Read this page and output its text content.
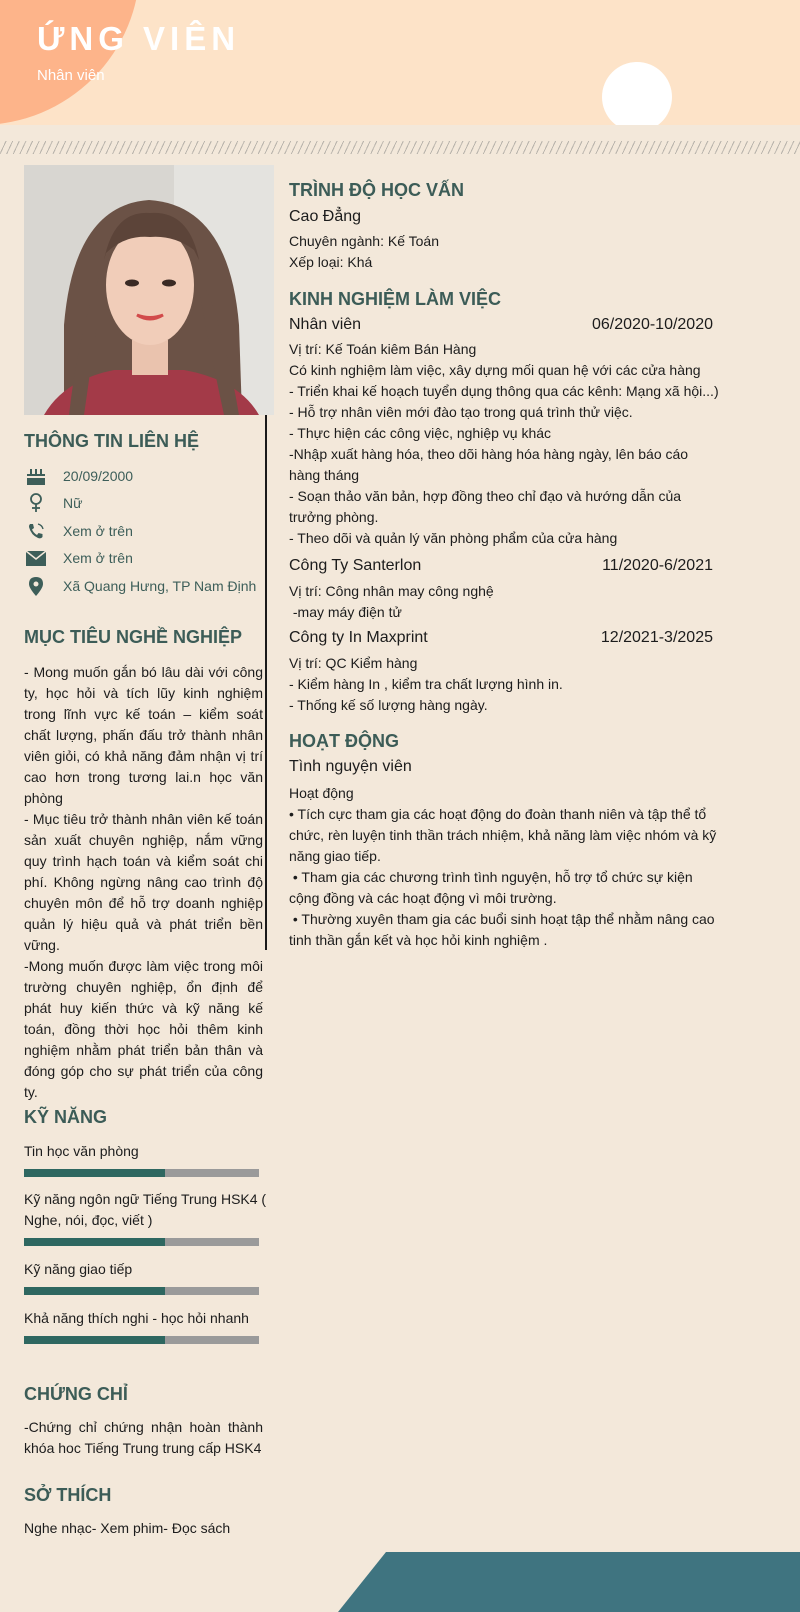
ỨNG VIÊN
Nhân viên
THÔNG TIN LIÊN HỆ
20/09/2000
Nữ
Xem ở trên
Xem ở trên
Xã Quang Hưng, TP Nam Định
MỤC TIÊU NGHỀ NGHIỆP

- Mong muốn gắn bó lâu dài với công ty, học hỏi và tích lũy kinh nghiệm trong lĩnh vực kế toán – kiểm soát chất lượng, phấn đấu trở thành nhân viên giỏi, có khả năng đảm nhận vị trí cao hơn trong tương lai.n học văn phòng
- Mục tiêu trở thành nhân viên kế toán sản xuất chuyên nghiệp, nắm vững quy trình hạch toán và kiểm soát chi phí. Không ngừng nâng cao trình độ chuyên môn để hỗ trợ doanh nghiệp quản lý hiệu quả và phát triển bền vững.
-Mong muốn được làm việc trong môi trường chuyên nghiệp, ổn định để phát huy kiến thức và kỹ năng kế toán, đồng thời học hỏi thêm kinh nghiệm nhằm phát triển bản thân và đóng góp cho sự phát triển của công ty.

KỸ NĂNG
Tin học văn phòng
Kỹ năng ngôn ngữ Tiếng Trung HSK4 ( Nghe, nói, đọc, viết )
Kỹ năng giao tiếp
Khả năng thích nghi - học hỏi nhanh
CHỨNG CHỈ

-Chứng chỉ chứng nhận hoàn thành khóa hoc Tiếng Trung trung cấp HSK4

SỞ THÍCH

Nghe nhạc- Xem phim- Đọc sách

TRÌNH ĐỘ HỌC VẤN

Cao Đẳng

Chuyên ngành: Kế Toán
Xếp loại: Khá
KINH NGHIỆM LÀM VIỆC

Nhân viên	06/2020-10/2020
Vị trí: Kế Toán kiêm Bán Hàng
Có kinh nghiệm làm việc, xây dựng mối quan hệ với các cửa hàng
- Triển khai kế hoạch tuyển dụng thông qua các kênh: Mạng xã hội...)
- Hỗ trợ nhân viên mới đào tạo trong quá trình thử việc.
- Thực hiện các công việc, nghiệp vụ khác
-Nhập xuất hàng hóa, theo dõi hàng hóa hàng ngày, lên báo cáo
hàng tháng
- Soạn thảo văn bản, hợp đồng theo chỉ đạo và hướng dẫn của
trưởng phòng.
- Theo dõi và quản lý văn phòng phẩm của cửa hàng

Công Ty Santerlon	11/2020-6/2021
Vị trí: Công nhân may công nghệ
-may máy điện tử

Công ty In Maxprint	12/2021-3/2025
Vị trí: QC Kiểm hàng
- Kiểm hàng In , kiểm tra chất lượng hình in.
- Thống kế số lượng hàng ngày.
HOẠT ĐỘNG

Tình nguyện viên

Hoạt động
• Tích cực tham gia các hoạt động do đoàn thanh niên và tập thể tổ
chức, rèn luyện tinh thần trách nhiệm, khả năng làm việc nhóm và kỹ
năng giao tiếp.
• Tham gia các chương trình tình nguyện, hỗ trợ tổ chức sự kiện
cộng đồng và các hoạt động vì môi trường.
• Thường xuyên tham gia các buổi sinh hoạt tập thể nhằm nâng cao
tinh thần gắn kết và học hỏi kinh nghiệm .
